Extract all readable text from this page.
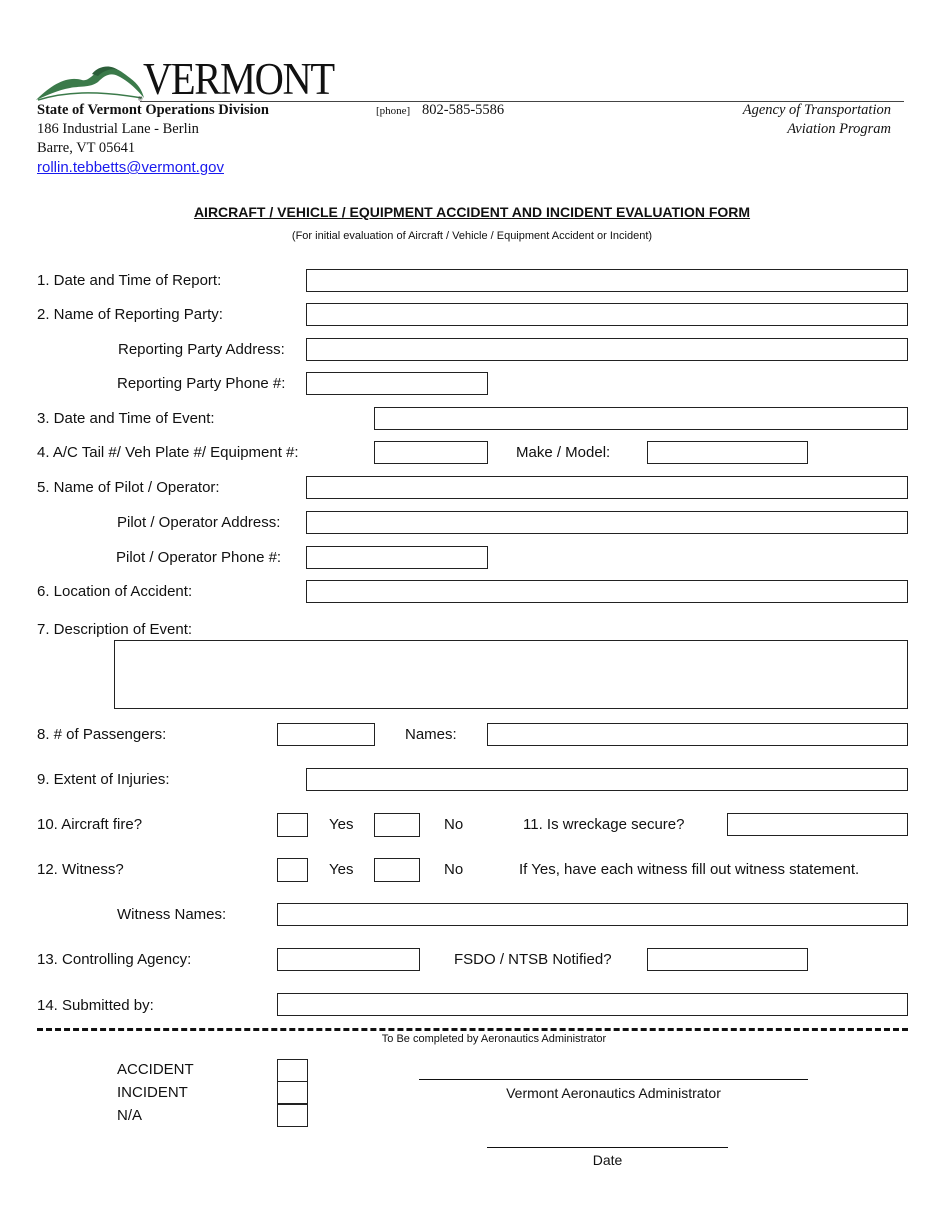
® VERMONT
State of Vermont Operations Division
186 Industrial Lane - Berlin
Barre, VT 05641
rollin.tebbetts@vermont.gov
[phone] 802-585-5586	Agency of Transportation
Aviation Program
AIRCRAFT / VEHICLE / EQUIPMENT ACCIDENT AND INCIDENT EVALUATION FORM
(For initial evaluation of Aircraft / Vehicle / Equipment Accident or Incident)
1. Date and Time of Report:
2. Name of Reporting Party:
Reporting Party Address:
Reporting Party Phone #:
3. Date and Time of Event:
4. A/C Tail #/ Veh Plate #/ Equipment #:	Make / Model:
5. Name of Pilot / Operator:
Pilot / Operator Address:
Pilot / Operator Phone #:
6. Location of Accident:
7. Description of Event:
8. # of Passengers:	Names:
9. Extent of Injuries:
10. Aircraft fire?	Yes	No	11. Is wreckage secure?
12. Witness?	Yes	No	If Yes, have each witness fill out witness statement.
Witness Names:
13. Controlling Agency:	FSDO / NTSB Notified?
14. Submitted by:
To Be completed by Aeronautics Administrator
ACCIDENT
INCIDENT
N/A
Vermont Aeronautics Administrator
Date
